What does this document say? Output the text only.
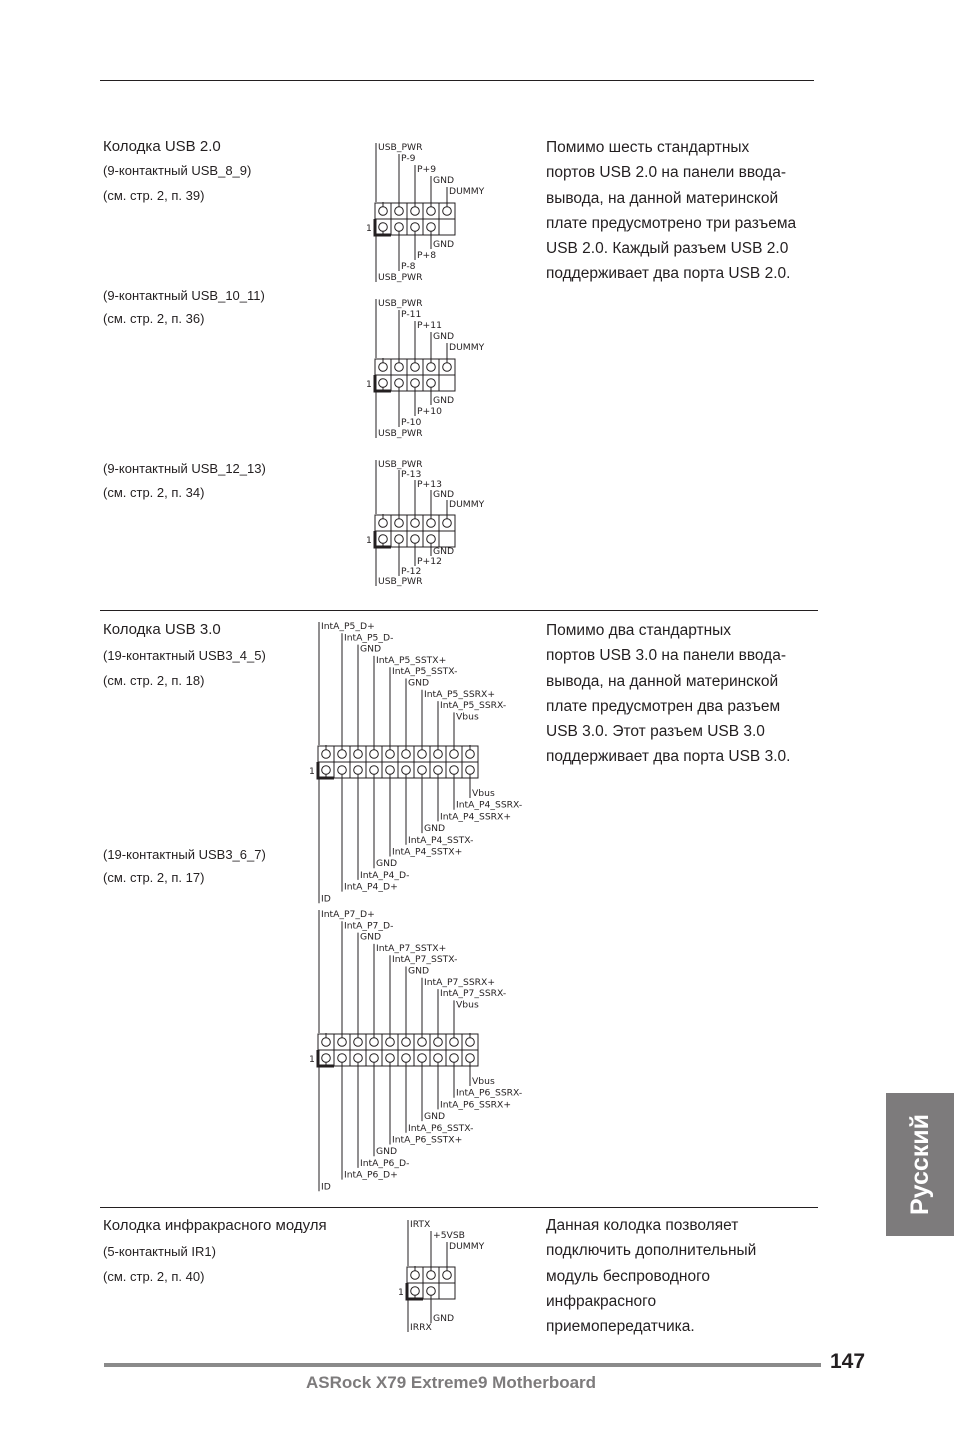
Колодка USB 2.0
(9-контактный USB_8_9)
(см. стр. 2, п. 39)
(9-контактный USB_10_11)
(см. стр. 2, п. 36)
(9-контактный USB_12_13)
(см. стр. 2, п. 34)
Помимо шесть стандартных
портов USB 2.0 на панели ввода-
вывода, на данной материнской
плате предусмотрено три разъема
USB 2.0. Каждый разъем USB 2.0
поддерживает два порта USB 2.0.
1
USB_PWR
P-9
P+9
GND
DUMMY
GND
P+8
P-8
USB_PWR
1
USB_PWR
P-11
P+11
GND
DUMMY
GND
P+10
P-10
USB_PWR
1
USB_PWR
P-13
P+13
GND
DUMMY
GND
P+12
P-12
USB_PWR
Колодка USB 3.0
(19-контактный USB3_4_5)
(см. стр. 2, п. 18)
(19-контактный USB3_6_7)
(см. стр. 2, п. 17)
Помимо два стандартных
портов USB 3.0 на панели ввода-
вывода, на данной материнской
плате предусмотрен два разъем
USB 3.0. Этот разъем USB 3.0
поддерживает два порта USB 3.0.
1
IntA_P5_D+
IntA_P5_D-
GND
IntA_P5_SSTX+
IntA_P5_SSTX-
GND
IntA_P5_SSRX+
IntA_P5_SSRX-
Vbus
Vbus
IntA_P4_SSRX-
IntA_P4_SSRX+
GND
IntA_P4_SSTX-
IntA_P4_SSTX+
GND
IntA_P4_D-
IntA_P4_D+
ID
1
IntA_P7_D+
IntA_P7_D-
GND
IntA_P7_SSTX+
IntA_P7_SSTX-
GND
IntA_P7_SSRX+
IntA_P7_SSRX-
Vbus
Vbus
IntA_P6_SSRX-
IntA_P6_SSRX+
GND
IntA_P6_SSTX-
IntA_P6_SSTX+
GND
IntA_P6_D-
IntA_P6_D+
ID
Колодка инфракрасного модуля
(5-контактный IR1)
(см. стр. 2, п. 40)
Данная колодка позволяет
подключить дополнительный
модуль беспроводного
инфракрасного
приемопередатчика.
1
IRTX
+5VSB
DUMMY
GND
IRRX
Русский
147
ASRock X79 Extreme9 Motherboard
